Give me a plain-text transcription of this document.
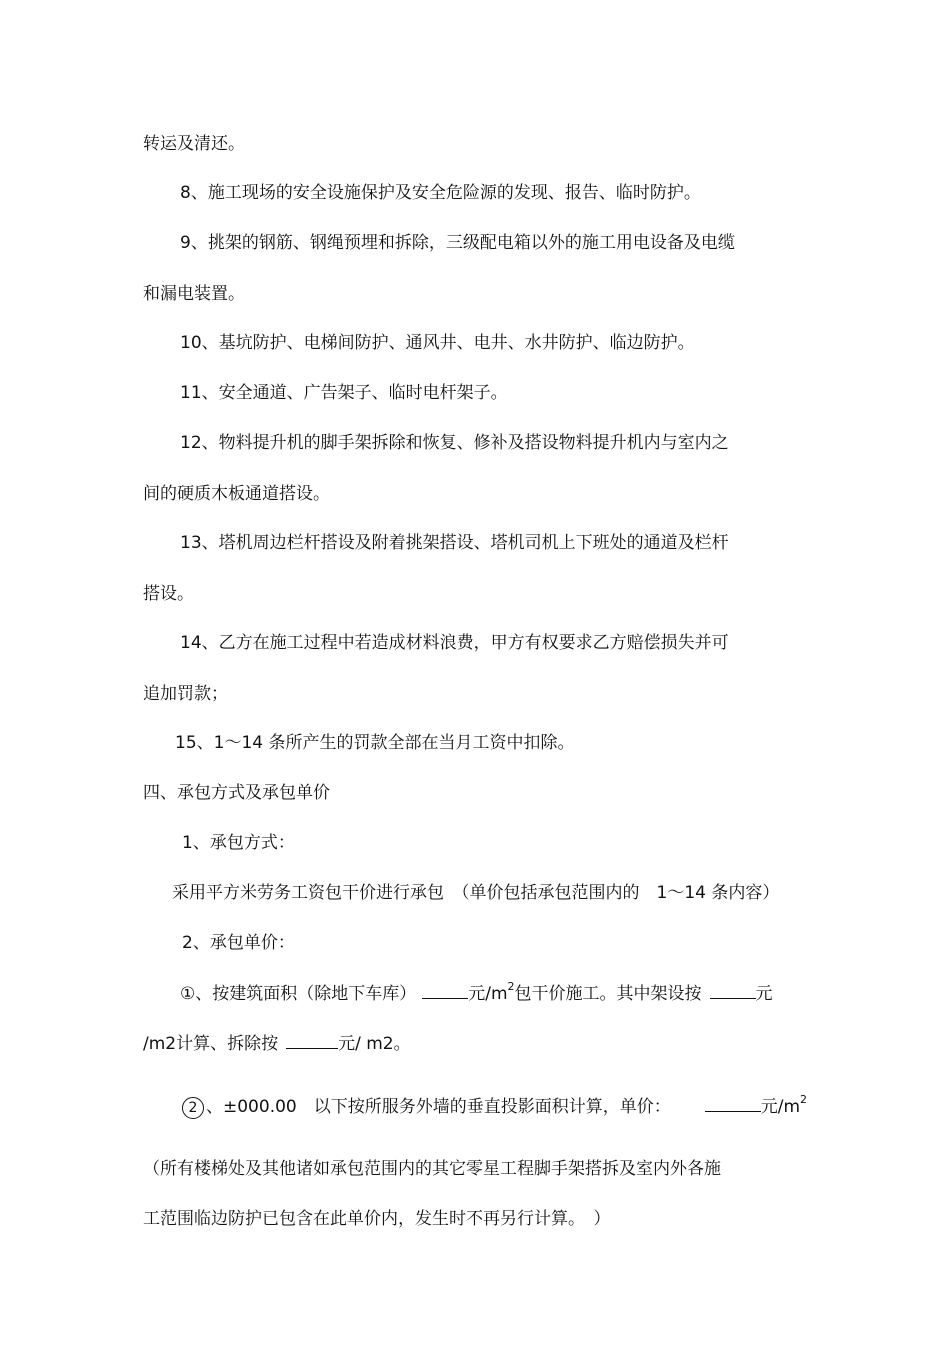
转运及清还。
8、施工现场的安全设施保护及安全危险源的发现、报告、临时防护。
9、挑架的钢筋、钢绳预埋和拆除，三级配电箱以外的施工用电设备及电缆
和漏电装置。
10、基坑防护、电梯间防护、通风井、电井、水井防护、临边防护。
11、安全通道、广告架子、临时电杆架子。
12、物料提升机的脚手架拆除和恢复、修补及搭设物料提升机内与室内之
间的硬质木板通道搭设。
13、塔机周边栏杆搭设及附着挑架搭设、塔机司机上下班处的通道及栏杆
搭设。
14、乙方在施工过程中若造成材料浪费，甲方有权要求乙方赔偿损失并可
追加罚款；
15、1～14 条所产生的罚款全部在当月工资中扣除。
四、承包方式及承包单价
1、承包方式：
采用平方米劳务工资包干价进行承包　（单价包括承包范围内的　1～14 条内容）
2、承包单价：
①、按建筑面积（除地下车库）	元$/m^2$包干价施工。其中架设按	元
/m2计算、拆除按	元/ m2。
2 、±000.00　以下按所服务外墙的垂直投影面积计算，单价：	元$/m^2$
（所有楼梯处及其他诸如承包范围内的其它零星工程脚手架搭拆及室内外各施
工范围临边防护已包含在此单价内，发生时不再另行计算。　）
